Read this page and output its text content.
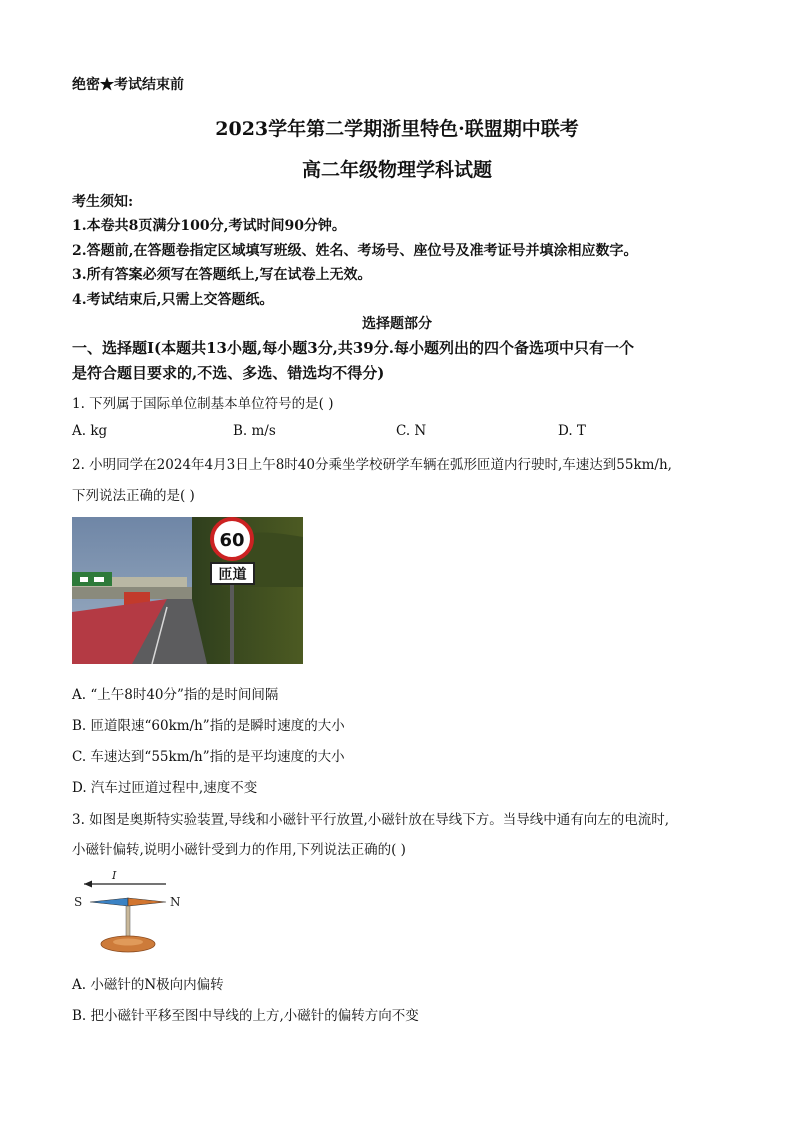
绝密★考试结束前
2023学年第二学期浙里特色·联盟期中联考
高二年级物理学科试题
考生须知:
1.本卷共8页满分100分,考试时间90分钟。
2.答题前,在答题卷指定区域填写班级、姓名、考场号、座位号及准考证号并填涂相应数字。
3.所有答案必须写在答题纸上,写在试卷上无效。
4.考试结束后,只需上交答题纸。
选择题部分
一、选择题Ⅰ(本题共13小题,每小题3分,共39分.每小题列出的四个备选项中只有一个
是符合题目要求的,不选、多选、错选均不得分)
1. 下列属于国际单位制基本单位符号的是( )
A. kg	B. m/s	C. N	D. T
2. 小明同学在2024年4月3日上午8时40分乘坐学校研学车辆在弧形匝道内行驶时,车速达到55km/h,
下列说法正确的是( )
60
匝道
A. “上午8时40分”指的是时间间隔
B. 匝道限速“60km/h”指的是瞬时速度的大小
C. 车速达到“55km/h”指的是平均速度的大小
D. 汽车过匝道过程中,速度不变
3. 如图是奥斯特实验装置,导线和小磁针平行放置,小磁针放在导线下方。当导线中通有向左的电流时,
小磁针偏转,说明小磁针受到力的作用,下列说法正确的( )
I
S	N
A. 小磁针的N极向内偏转
B. 把小磁针平移至图中导线的上方,小磁针的偏转方向不变
